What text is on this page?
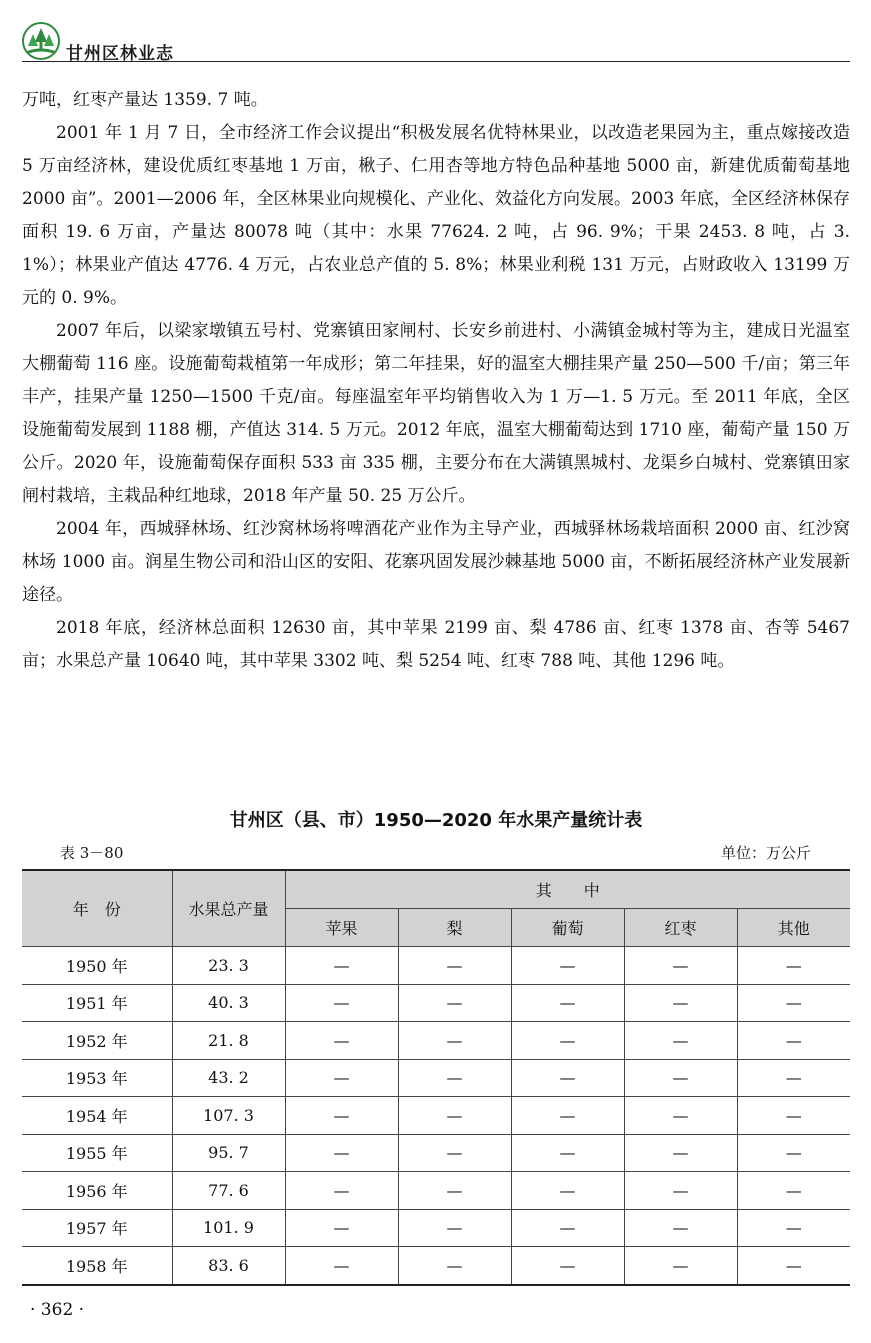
甘州区林业志

万吨，红枣产量达 1359. 7 吨。

2001 年 1 月 7 日，全市经济工作会议提出“积极发展名优特林果业，以改造老果园为主，重点嫁接改造 5 万亩经济林，建设优质红枣基地 1 万亩，楸子、仁用杏等地方特色品种基地 5000 亩，新建优质葡萄基地 2000 亩”。2001—2006 年，全区林果业向规模化、产业化、效益化方向发展。2003 年底，全区经济林保存面积 19. 6 万亩，产量达 80078 吨（其中：水果 77624. 2 吨，占 96. 9%；干果 2453. 8 吨，占 3. 1%）；林果业产值达 4776. 4 万元，占农业总产值的 5. 8%；林果业利税 131 万元，占财政收入 13199 万元的 0. 9%。

2007 年后，以梁家墩镇五号村、党寨镇田家闸村、长安乡前进村、小满镇金城村等为主，建成日光温室大棚葡萄 116 座。设施葡萄栽植第一年成形；第二年挂果，好的温室大棚挂果产量 250—500 千/亩；第三年丰产，挂果产量 1250—1500 千克/亩。每座温室年平均销售收入为 1 万—1. 5 万元。至 2011 年底，全区设施葡萄发展到 1188 棚，产值达 314. 5 万元。2012 年底，温室大棚葡萄达到 1710 座，葡萄产量 150 万公斤。2020 年，设施葡萄保存面积 533 亩 335 棚，主要分布在大满镇黑城村、龙渠乡白城村、党寨镇田家闸村栽培，主栽品种红地球，2018 年产量 50. 25 万公斤。

2004 年，西城驿林场、红沙窝林场将啤酒花产业作为主导产业，西城驿林场栽培面积 2000 亩、红沙窝林场 1000 亩。润星生物公司和沿山区的安阳、花寨巩固发展沙棘基地 5000 亩，不断拓展经济林产业发展新途径。

2018 年底，经济林总面积 12630 亩，其中苹果 2199 亩、梨 4786 亩、红枣 1378 亩、杏等 5467 亩；水果总产量 10640 吨，其中苹果 3302 吨、梨 5254 吨、红枣 788 吨、其他 1296 吨。

甘州区（县、市）1950—2020 年水果产量统计表
表 3－80	单位：万公斤
年　份	水果总产量	其　　中				
		苹果	梨	葡萄	红枣	其他
1950 年	23. 3	—	—	—	—	—
1951 年	40. 3	—	—	—	—	—
1952 年	21. 8	—	—	—	—	—
1953 年	43. 2	—	—	—	—	—
1954 年	107. 3	—	—	—	—	—
1955 年	95. 7	—	—	—	—	—
1956 年	77. 6	—	—	—	—	—
1957 年	101. 9	—	—	—	—	—
1958 年	83. 6	—	—	—	—	—
· 362 ·
